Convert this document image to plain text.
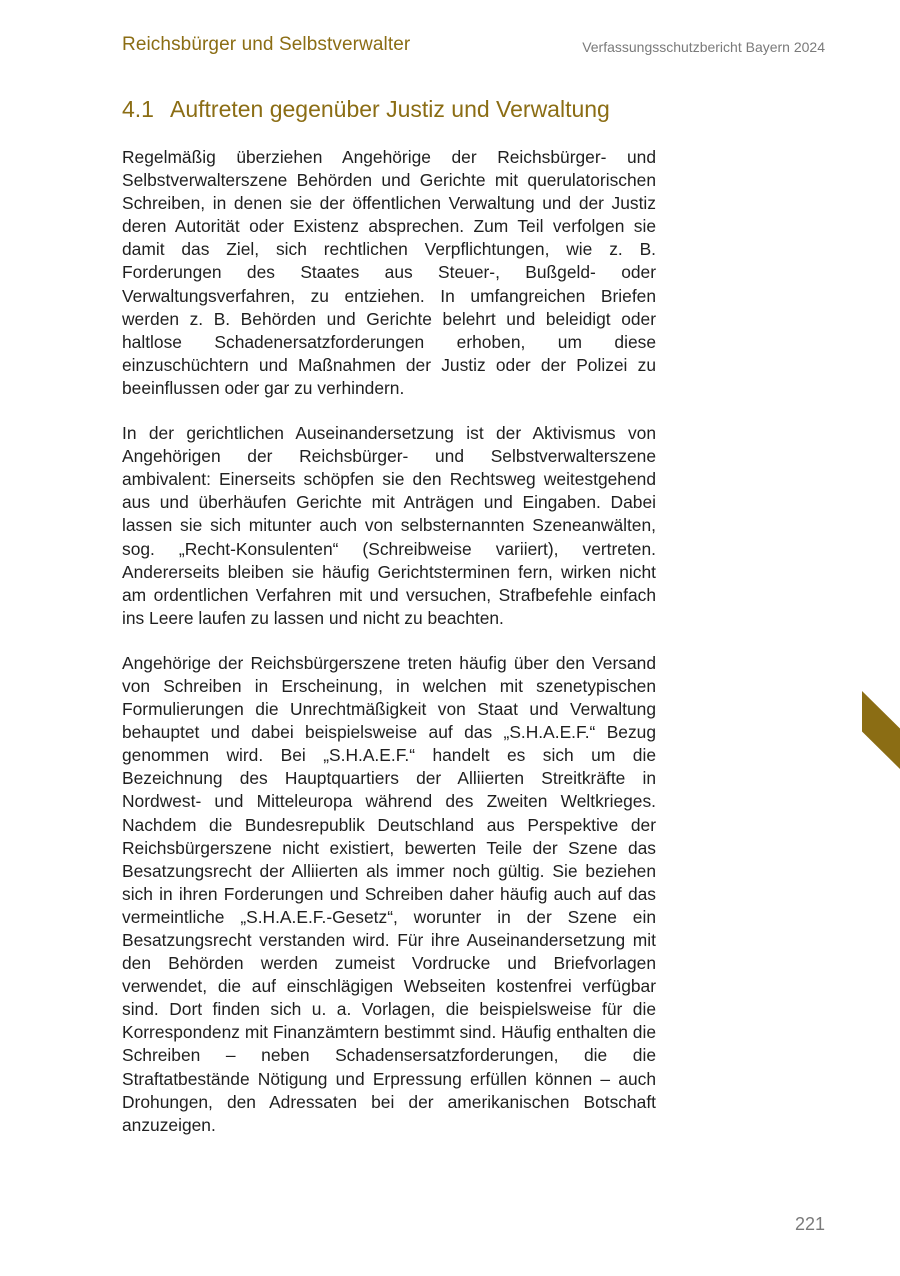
Reichsbürger und Selbstverwalter	Verfassungsschutzbericht Bayern 2024
4.1 Auftreten gegenüber Justiz und Verwaltung

Regelmäßig überziehen Angehörige der Reichsbürger- und Selbstverwalterszene Behörden und Gerichte mit querulatorischen Schreiben, in denen sie der öffentlichen Verwaltung und der Justiz deren Autorität oder Existenz absprechen. Zum Teil verfolgen sie damit das Ziel, sich rechtlichen Verpflichtungen, wie z. B. Forderungen des Staates aus Steuer-, Bußgeld- oder Verwaltungsverfahren, zu entziehen. In umfangreichen Briefen werden z. B. Behörden und Gerichte belehrt und beleidigt oder haltlose Schadenersatzforderungen erhoben, um diese einzuschüchtern und Maßnahmen der Justiz oder der Polizei zu beeinflussen oder gar zu verhindern.

In der gerichtlichen Auseinandersetzung ist der Aktivismus von Angehörigen der Reichsbürger- und Selbstverwalterszene ambivalent: Einerseits schöpfen sie den Rechtsweg weitestgehend aus und überhäufen Gerichte mit Anträgen und Eingaben. Dabei lassen sie sich mitunter auch von selbsternannten Szeneanwälten, sog. „Recht-Konsulenten“ (Schreibweise variiert), vertreten. Andererseits bleiben sie häufig Gerichtsterminen fern, wirken nicht am ordentlichen Verfahren mit und versuchen, Strafbefehle einfach ins Leere laufen zu lassen und nicht zu beachten.

Angehörige der Reichsbürgerszene treten häufig über den Versand von Schreiben in Erscheinung, in welchen mit szenetypischen Formulierungen die Unrechtmäßigkeit von Staat und Verwaltung behauptet und dabei beispielsweise auf das „S.H.A.E.F.“ Bezug genommen wird. Bei „S.H.A.E.F.“ handelt es sich um die Bezeichnung des Hauptquartiers der Alliierten Streitkräfte in Nordwest- und Mitteleuropa während des Zweiten Weltkrieges. Nachdem die Bundesrepublik Deutschland aus Perspektive der Reichsbürgerszene nicht existiert, bewerten Teile der Szene das Besatzungsrecht der Alliierten als immer noch gültig. Sie beziehen sich in ihren Forderungen und Schreiben daher häufig auch auf das vermeintliche „S.H.A.E.F.-Gesetz“, worunter in der Szene ein Besatzungsrecht verstanden wird. Für ihre Auseinandersetzung mit den Behörden werden zumeist Vordrucke und Briefvorlagen verwendet, die auf einschlägigen Webseiten kostenfrei verfügbar sind. Dort finden sich u. a. Vorlagen, die beispielsweise für die Korrespondenz mit Finanzämtern bestimmt sind. Häufig enthalten die Schreiben – neben Schadensersatzforderungen, die die Straftatbestände Nötigung und Erpressung erfüllen können – auch Drohungen, den Adressaten bei der amerikanischen Botschaft anzuzeigen.

221
